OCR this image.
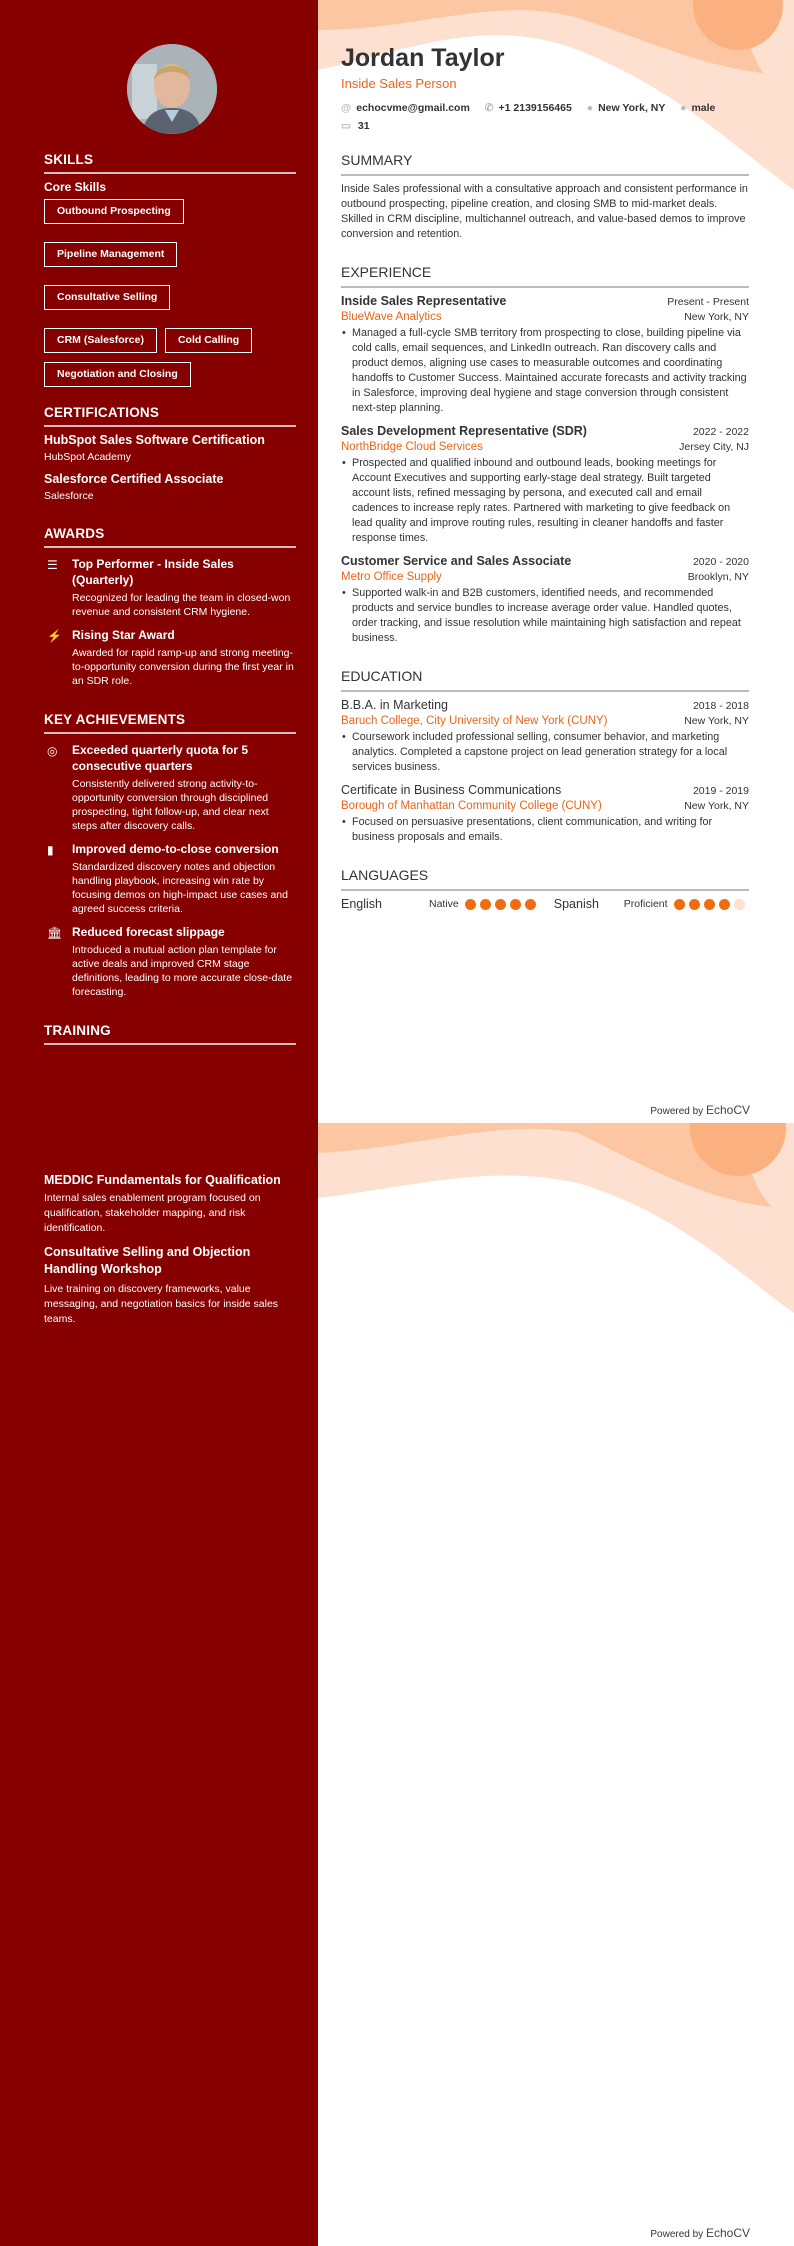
SKILLS
Core Skills
Outbound Prospecting
Pipeline Management
Consultative Selling
CRM (Salesforce)	Cold Calling
Negotiation and Closing
CERTIFICATIONS
HubSpot Sales Software Certification
HubSpot Academy
Salesforce Certified Associate
Salesforce
AWARDS
☰	Top Performer - Inside Sales (Quarterly)
Recognized for leading the team in closed-won revenue and consistent CRM hygiene.
⚡ Rising Star Award
Awarded for rapid ramp-up and strong meeting-to-opportunity conversion during the first year in an SDR role.
KEY ACHIEVEMENTS
◎	Exceeded quarterly quota for 5 consecutive quarters
Consistently delivered strong activity-to-opportunity conversion through disciplined prospecting, tight follow-up, and clear next steps after discovery calls.
▮	Improved demo-to-close conversion
Standardized discovery notes and objection handling playbook, increasing win rate by focusing demos on high-impact use cases and agreed success criteria.
🏛 Reduced forecast slippage
Introduced a mutual action plan template for active deals and improved CRM stage definitions, leading to more accurate close-date forecasting.
TRAINING
Jordan Taylor
Inside Sales Person
@ echocvme@gmail.com ✆ +1 2139156465 ● New York, NY ● male
▭ 31
SUMMARY
Inside Sales professional with a consultative approach and consistent performance in outbound prospecting, pipeline creation, and closing SMB to mid-market deals. Skilled in CRM discipline, multichannel outreach, and value-based demos to improve conversion and retention.
EXPERIENCE
Inside Sales Representative	Present - Present
BlueWave Analytics	New York, NY
• Managed a full-cycle SMB territory from prospecting to close, building pipeline via cold calls, email sequences, and LinkedIn outreach. Ran discovery calls and product demos, aligning use cases to measurable outcomes and coordinating handoffs to Customer Success. Maintained accurate forecasts and activity tracking in Salesforce, improving deal hygiene and stage conversion through consistent next-step planning.
Sales Development Representative (SDR)	2022 - 2022
NorthBridge Cloud Services	Jersey City, NJ
• Prospected and qualified inbound and outbound leads, booking meetings for Account Executives and supporting early-stage deal strategy. Built targeted account lists, refined messaging by persona, and executed call and email cadences to increase reply rates. Partnered with marketing to give feedback on lead quality and improve routing rules, resulting in cleaner handoffs and faster response times.
Customer Service and Sales Associate	2020 - 2020
Metro Office Supply	Brooklyn, NY
• Supported walk-in and B2B customers, identified needs, and recommended products and service bundles to increase average order value. Handled quotes, order tracking, and issue resolution while maintaining high satisfaction and repeat business.
EDUCATION
B.B.A. in Marketing	2018 - 2018
Baruch College, City University of New York (CUNY)	New York, NY
• Coursework included professional selling, consumer behavior, and marketing analytics. Completed a capstone project on lead generation strategy for a local services business.
Certificate in Business Communications	2019 - 2019
Borough of Manhattan Community College (CUNY)	New York, NY
• Focused on persuasive presentations, client communication, and writing for business proposals and emails.
LANGUAGES
English	Native	Spanish	Proficient
Powered by EchoCV
MEDDIC Fundamentals for Qualification
Internal sales enablement program focused on qualification, stakeholder mapping, and risk identification.
Consultative Selling and Objection Handling Workshop
Live training on discovery frameworks, value messaging, and negotiation basics for inside sales teams.
Powered by EchoCV
